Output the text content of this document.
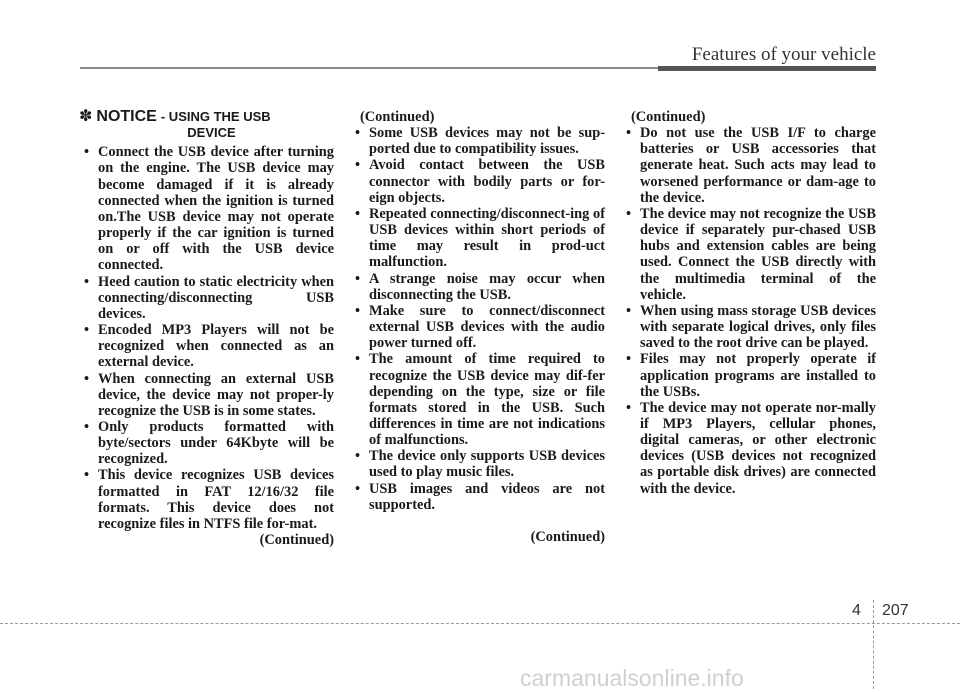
Features of your vehicle
✽ NOTICE - USING THE USB
DEVICE
• Connect the USB device after turning on the engine. The USB device may become damaged if it is already connected when the ignition is turned on.The USB device may not operate properly if the car ignition is turned on or off with the USB device connected.
• Heed caution to static electricity when connecting/disconnecting USB devices.
• Encoded MP3 Players will not be recognized when connected as an external device.
• When connecting an external USB device, the device may not proper-ly recognize the USB is in some states.
• Only products formatted with byte/sectors under 64Kbyte will be recognized.
• This device recognizes USB devices formatted in FAT 12/16/32 file formats. This device does not recognize files in NTFS file for-mat.
(Continued)
(Continued)
• Some USB devices may not be sup-ported due to compatibility issues.
• Avoid contact between the USB connector with bodily parts or for-eign objects.
• Repeated connecting/disconnect-ing of USB devices within short periods of time may result in prod-uct malfunction.
• A strange noise may occur when disconnecting the USB.
• Make sure to connect/disconnect external USB devices with the audio power turned off.
• The amount of time required to recognize the USB device may dif-fer depending on the type, size or file formats stored in the USB. Such differences in time are not indications of malfunctions.
• The device only supports USB devices used to play music files.
• USB images and videos are not supported.
(Continued)
(Continued)
• Do not use the USB I/F to charge batteries or USB accessories that generate heat. Such acts may lead to worsened performance or dam-age to the device.
• The device may not recognize the USB device if separately pur-chased USB hubs and extension cables are being used. Connect the USB directly with the multimedia terminal of the vehicle.
• When using mass storage USB devices with separate logical drives, only files saved to the root drive can be played.
• Files may not properly operate if application programs are installed to the USBs.
• The device may not operate nor-mally if MP3 Players, cellular phones, digital cameras, or other electronic devices (USB devices not recognized as portable disk drives) are connected with the device.
4 207
carmanualsonline.info
